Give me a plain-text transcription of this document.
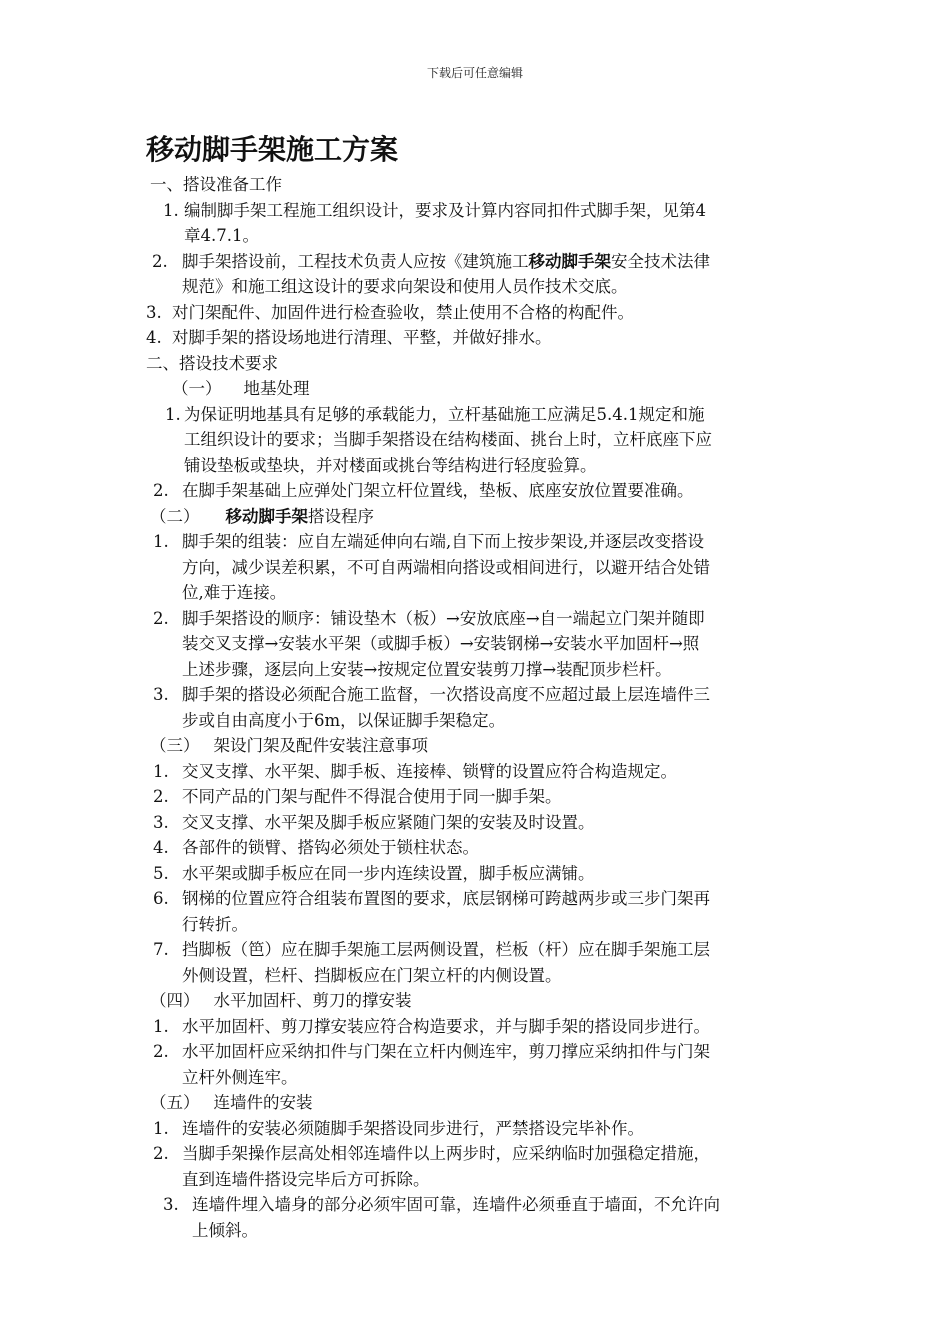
下载后可任意编辑
移动脚手架施工方案
一、搭设准备工作
1. 编制脚手架工程施工组织设计，要求及计算内容同扣件式脚手架，见第4
章4.7.1。
2. 脚手架搭设前，工程技术负责人应按《建筑施工移动脚手架安全技术法律
规范》和施工组这设计的要求向架设和使用人员作技术交底。
3. 对门架配件、加固件进行检查验收，禁止使用不合格的构配件。
4. 对脚手架的搭设场地进行清理、平整，并做好排水。
二、搭设技术要求
（一） 地基处理
1. 为保证明地基具有足够的承载能力，立杆基础施工应满足5.4.1规定和施
工组织设计的要求；当脚手架搭设在结构楼面、挑台上时，立杆底座下应
铺设垫板或垫块，并对楼面或挑台等结构进行轻度验算。
2. 在脚手架基础上应弹处门架立杆位置线，垫板、底座安放位置要准确。
（二） 移动脚手架搭设程序
1. 脚手架的组装：应自左端延伸向右端,自下而上按步架设,并逐层改变搭设
方向，减少误差积累，不可自两端相向搭设或相间进行，以避开结合处错
位,难于连接。
2. 脚手架搭设的顺序：铺设垫木（板）→安放底座→自一端起立门架并随即
装交叉支撑→安装水平架（或脚手板）→安装钢梯→安装水平加固杆→照
上述步骤，逐层向上安装→按规定位置安装剪刀撑→装配顶步栏杆。
3. 脚手架的搭设必须配合施工监督，一次搭设高度不应超过最上层连墙件三
步或自由高度小于6m，以保证脚手架稳定。
（三） 架设门架及配件安装注意事项
1. 交叉支撑、水平架、脚手板、连接棒、锁臂的设置应符合构造规定。
2. 不同产品的门架与配件不得混合使用于同一脚手架。
3. 交叉支撑、水平架及脚手板应紧随门架的安装及时设置。
4. 各部件的锁臂、搭钩必须处于锁柱状态。
5. 水平架或脚手板应在同一步内连续设置，脚手板应满铺。
6. 钢梯的位置应符合组装布置图的要求，底层钢梯可跨越两步或三步门架再
行转折。
7. 挡脚板（笆）应在脚手架施工层两侧设置，栏板（杆）应在脚手架施工层
外侧设置，栏杆、挡脚板应在门架立杆的内侧设置。
（四） 水平加固杆、剪刀的撑安装
1. 水平加固杆、剪刀撑安装应符合构造要求，并与脚手架的搭设同步进行。
2. 水平加固杆应采纳扣件与门架在立杆内侧连牢，剪刀撑应采纳扣件与门架
立杆外侧连牢。
（五） 连墙件的安装
1. 连墙件的安装必须随脚手架搭设同步进行，严禁搭设完毕补作。
2. 当脚手架操作层高处相邻连墙件以上两步时，应采纳临时加强稳定措施，
直到连墙件搭设完毕后方可拆除。
3. 连墙件埋入墙身的部分必须牢固可靠，连墙件必须垂直于墙面，不允许向
上倾斜。
